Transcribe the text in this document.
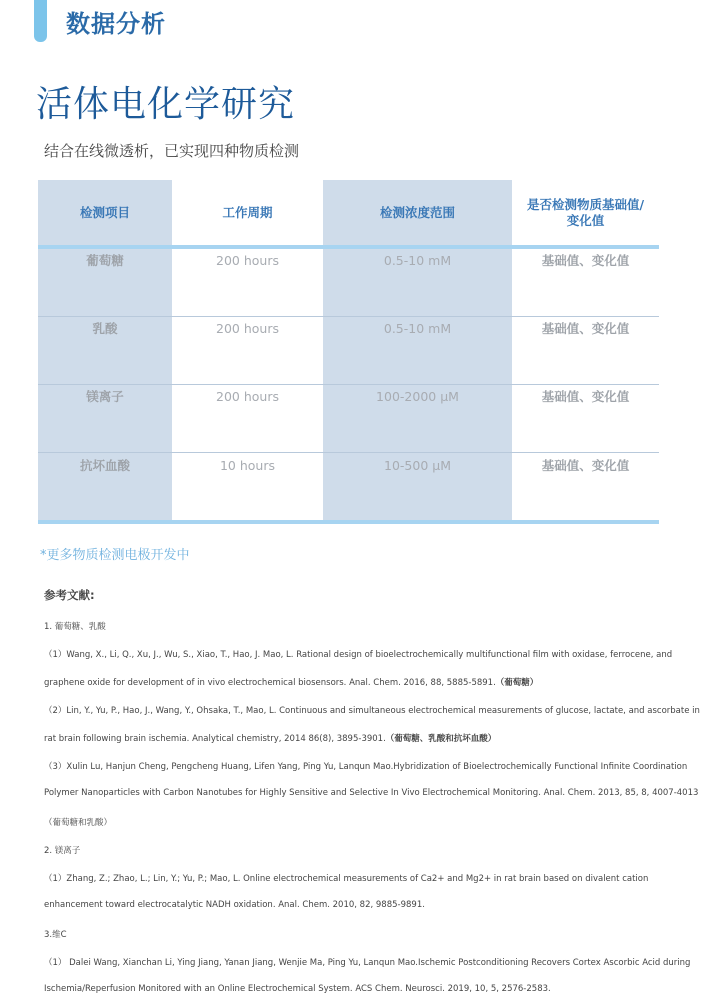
数据分析
活体电化学研究
结合在线微透析，已实现四种物质检测
检测项目	工作周期	检测浓度范围
是否检测物质基础值/
变化值
葡萄糖	200 hours	0.5-10 mM	基础值、变化值
乳酸	200 hours	0.5-10 mM	基础值、变化值
镁离子	200 hours	100-2000 μM	基础值、变化值
抗坏血酸	10 hours	10-500 μM	基础值、变化值
*更多物质检测电极开发中
参考文献:
1. 葡萄糖、乳酸
（1）Wang, X., Li, Q., Xu, J., Wu, S., Xiao, T., Hao, J. Mao, L. Rational design of bioelectrochemically multifunctional film with oxidase, ferrocene, and
graphene oxide for development of in vivo electrochemical biosensors. Anal. Chem. 2016, 88, 5885-5891.（葡萄糖）
（2）Lin, Y., Yu, P., Hao, J., Wang, Y., Ohsaka, T., Mao, L. Continuous and simultaneous electrochemical measurements of glucose, lactate, and ascorbate in
rat brain following brain ischemia. Analytical chemistry, 2014 86(8), 3895-3901.（葡萄糖、乳酸和抗坏血酸）
（3）Xulin Lu, Hanjun Cheng, Pengcheng Huang, Lifen Yang, Ping Yu, Lanqun Mao.Hybridization of Bioelectrochemically Functional Infinite Coordination
Polymer Nanoparticles with Carbon Nanotubes for Highly Sensitive and Selective In Vivo Electrochemical Monitoring. Anal. Chem. 2013, 85, 8, 4007-4013
（葡萄糖和乳酸）
2. 镁离子
（1）Zhang, Z.; Zhao, L.; Lin, Y.; Yu, P.; Mao, L. Online electrochemical measurements of Ca2+ and Mg2+ in rat brain based on divalent cation
enhancement toward electrocatalytic NADH oxidation. Anal. Chem. 2010, 82, 9885-9891.
3.维C
（1） Dalei Wang, Xianchan Li, Ying Jiang, Yanan Jiang, Wenjie Ma, Ping Yu, Lanqun Mao.Ischemic Postconditioning Recovers Cortex Ascorbic Acid during
Ischemia/Reperfusion Monitored with an Online Electrochemical System. ACS Chem. Neurosci. 2019, 10, 5, 2576-2583.
